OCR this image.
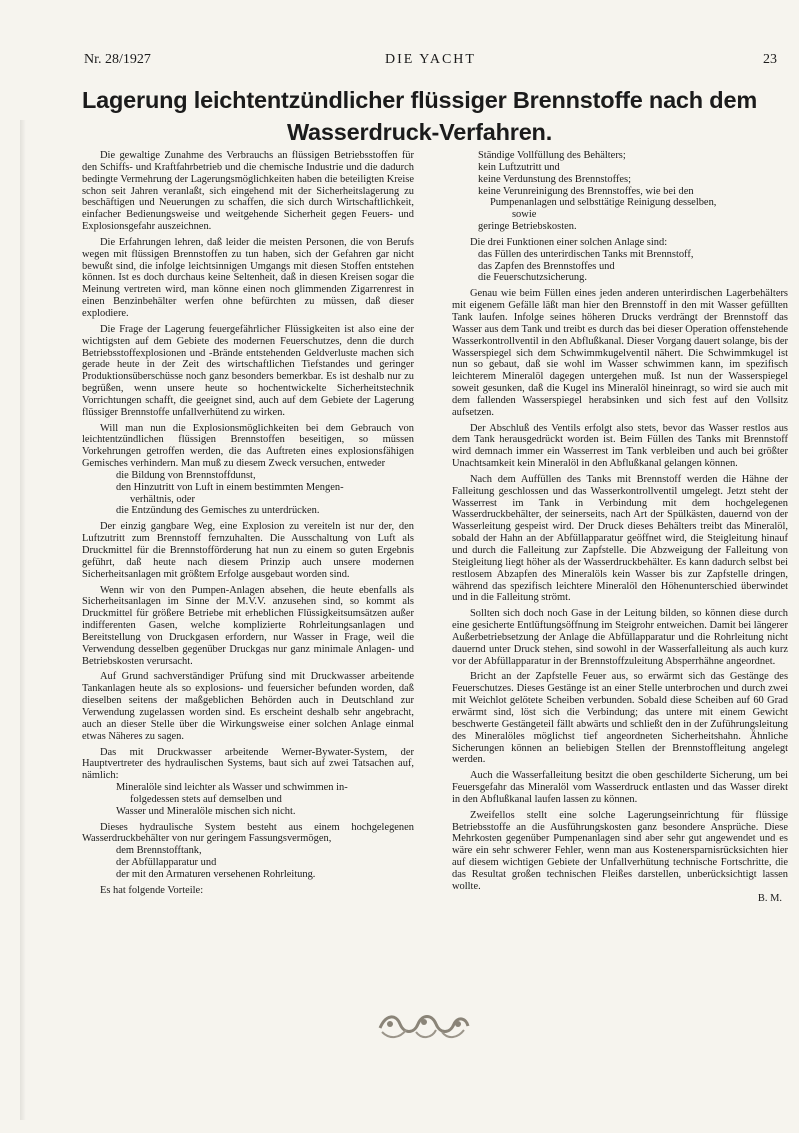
Nr. 28/1927	DIE YACHT	23
Lagerung leichtentzündlicher flüssiger Brennstoffe nach dem
Wasserdruck-Verfahren.

Die gewaltige Zunahme des Verbrauchs an flüssigen Betriebsstoffen für den Schiffs- und Kraftfahrbetrieb und die chemische Industrie und die dadurch bedingte Vermehrung der Lagerungsmöglichkeiten haben die beteiligten Kreise schon seit Jahren veranlaßt, sich eingehend mit der Sicherheitslagerung zu beschäftigen und Neuerungen zu schaffen, die sich durch Wirtschaftlichkeit, einfacher Bedienungsweise und weitgehende Sicherheit gegen Feuers- und Explosionsgefahr auszeichnen.

Die Erfahrungen lehren, daß leider die meisten Personen, die von Berufs wegen mit flüssigen Brennstoffen zu tun haben, sich der Gefahren gar nicht bewußt sind, die infolge leichtsinnigen Umgangs mit diesen Stoffen entstehen können. Ist es doch durchaus keine Seltenheit, daß in diesen Kreisen sogar die Meinung vertreten wird, man könne einen noch glimmenden Zigarrenrest in einen Benzinbehälter werfen ohne befürchten zu müssen, daß dieser explodiere.

Die Frage der Lagerung feuergefährlicher Flüssigkeiten ist also eine der wichtigsten auf dem Gebiete des modernen Feuerschutzes, denn die durch Betriebsstoffexplosionen und -Brände entstehenden Geldverluste machen sich gerade heute in der Zeit des wirtschaftlichen Tiefstandes und geringer Produktionsüberschüsse noch ganz besonders bemerkbar. Es ist deshalb nur zu begrüßen, wenn unsere heute so hochentwickelte Sicherheitstechnik Vorrichtungen schafft, die geeignet sind, auch auf dem Gebiete der Lagerung flüssiger Brennstoffe unfallverhütend zu wirken.

Will man nun die Explosionsmöglichkeiten bei dem Gebrauch von leichtentzündlichen flüssigen Brennstoffen beseitigen, so müssen Vorkehrungen getroffen werden, die das Auftreten eines explosionsfähigen Gemisches verhindern. Man muß zu diesem Zweck versuchen, entweder

die Bildung von Brennstoffdunst,
den Hinzutritt von Luft in einem bestimmten Mengen-
verhältnis, oder
die Entzündung des Gemisches zu unterdrücken.

Der einzig gangbare Weg, eine Explosion zu vereiteln ist nur der, den Luftzutritt zum Brennstoff fernzuhalten. Die Ausschaltung von Luft als Druckmittel für die Brennstofförderung hat nun zu einem so guten Ergebnis geführt, daß heute nach diesem Prinzip auch unsere modernen Sicherheitsanlagen mit größtem Erfolge ausgebaut worden sind.

Wenn wir von den Pumpen-Anlagen absehen, die heute ebenfalls als Sicherheitsanlagen im Sinne der M.V.V. anzusehen sind, so kommt als Druckmittel für größere Betriebe mit erheblichen Flüssigkeitsumsätzen außer indifferenten Gasen, welche komplizierte Rohrleitungsanlagen und Bereitstellung von Druckgasen erfordern, nur Wasser in Frage, weil die Verwendung desselben gegenüber Druckgas nur ganz minimale Anlagen- und Betriebskosten verursacht.

Auf Grund sachverständiger Prüfung sind mit Druckwasser arbeitende Tankanlagen heute als so explosions- und feuersicher befunden worden, daß dieselben seitens der maßgeblichen Behörden auch in Deutschland zur Verwendung zugelassen worden sind. Es erscheint deshalb sehr angebracht, auch an dieser Stelle über die Wirkungsweise einer solchen Anlage einmal etwas Näheres zu sagen.

Das mit Druckwasser arbeitende Werner-Bywater-System, der Hauptvertreter des hydraulischen Systems, baut sich auf zwei Tatsachen auf, nämlich:

Mineralöle sind leichter als Wasser und schwimmen in-
folgedessen stets auf demselben und
Wasser und Mineralöle mischen sich nicht.

Dieses hydraulische System besteht aus einem hochgelegenen Wasserdruckbehälter von nur geringem Fassungsvermögen,

dem Brennstofftank,
der Abfüllapparatur und
der mit den Armaturen versehenen Rohrleitung.

Es hat folgende Vorteile:

Ständige Vollfüllung des Behälters;
kein Luftzutritt und
keine Verdunstung des Brennstoffes;
keine Verunreinigung des Brennstoffes, wie bei den
Pumpenanlagen und selbsttätige Reinigung desselben,
sowie
geringe Betriebskosten.
Die drei Funktionen einer solchen Anlage sind:
das Füllen des unterirdischen Tanks mit Brennstoff,
das Zapfen des Brennstoffes und
die Feuerschutzsicherung.

Genau wie beim Füllen eines jeden anderen unterirdischen Lagerbehälters mit eigenem Gefälle läßt man hier den Brennstoff in den mit Wasser gefüllten Tank laufen. Infolge seines höheren Drucks verdrängt der Brennstoff das Wasser aus dem Tank und treibt es durch das bei dieser Operation offenstehende Wasserkontrollventil in den Abflußkanal. Dieser Vorgang dauert solange, bis der Wasserspiegel sich dem Schwimmkugelventil nähert. Die Schwimmkugel ist nun so gebaut, daß sie wohl im Wasser schwimmen kann, im spezifisch leichterem Mineralöl dagegen untergehen muß. Ist nun der Wasserspiegel soweit gesunken, daß die Kugel ins Mineralöl hineinragt, so wird sie auch mit dem fallenden Wasserspiegel herabsinken und sich fest auf den Vollsitz aufsetzen.

Der Abschluß des Ventils erfolgt also stets, bevor das Wasser restlos aus dem Tank herausgedrückt worden ist. Beim Füllen des Tanks mit Brennstoff wird demnach immer ein Wasserrest im Tank verbleiben und auch bei größter Unachtsamkeit kein Mineralöl in den Abflußkanal gelangen können.

Nach dem Auffüllen des Tanks mit Brennstoff werden die Hähne der Falleitung geschlossen und das Wasserkontrollventil umgelegt. Jetzt steht der Wasserrest im Tank in Verbindung mit dem hochgelegenen Wasserdruckbehälter, der seinerseits, nach Art der Spülkästen, dauernd von der Wasserleitung gespeist wird. Der Druck dieses Behälters treibt das Mineralöl, sobald der Hahn an der Abfüllapparatur geöffnet wird, die Steigleitung hinauf und durch die Falleitung zur Zapfstelle. Die Abzweigung der Falleitung von Steigleitung liegt höher als der Wasserdruckbehälter. Es kann dadurch selbst bei restlosem Abzapfen des Mineralöls kein Wasser bis zur Zapfstelle dringen, während das spezifisch leichtere Mineralöl den Höhenunterschied überwindet und in die Falleitung strömt.

Sollten sich doch noch Gase in der Leitung bilden, so können diese durch eine gesicherte Entlüftungsöffnung im Steigrohr entweichen. Damit bei längerer Außerbetriebsetzung der Anlage die Abfüllapparatur und die Rohrleitung nicht dauernd unter Druck stehen, sind sowohl in der Wasserfalleitung als auch kurz vor der Abfüllapparatur in der Brennstoffzuleitung Absperrhähne angeordnet.

Bricht an der Zapfstelle Feuer aus, so erwärmt sich das Gestänge des Feuerschutzes. Dieses Gestänge ist an einer Stelle unterbrochen und durch zwei mit Weichlot gelötete Scheiben verbunden. Sobald diese Scheiben auf 60 Grad erwärmt sind, löst sich die Verbindung; das untere mit einem Gewicht beschwerte Gestängeteil fällt abwärts und schließt den in der Zuführungsleitung des Mineralöles möglichst tief angeordneten Sicherheitshahn. Ähnliche Sicherungen können an beliebigen Stellen der Brennstoffleitung angelegt werden.

Auch die Wasserfalleitung besitzt die oben geschilderte Sicherung, um bei Feuersgefahr das Mineralöl vom Wasserdruck entlasten und das Wasser direkt in den Abflußkanal laufen lassen zu können.

Zweifellos stellt eine solche Lagerungseinrichtung für flüssige Betriebsstoffe an die Ausführungskosten ganz besondere Ansprüche. Diese Mehrkosten gegenüber Pumpenanlagen sind aber sehr gut angewendet und es wäre ein sehr schwerer Fehler, wenn man aus Kostenersparnisrücksichten hier auf diesem wichtigen Gebiete der Unfallverhütung technische Fortschritte, die das Resultat großen technischen Fleißes darstellen, unberücksichtigt lassen wollte.

B. M.
